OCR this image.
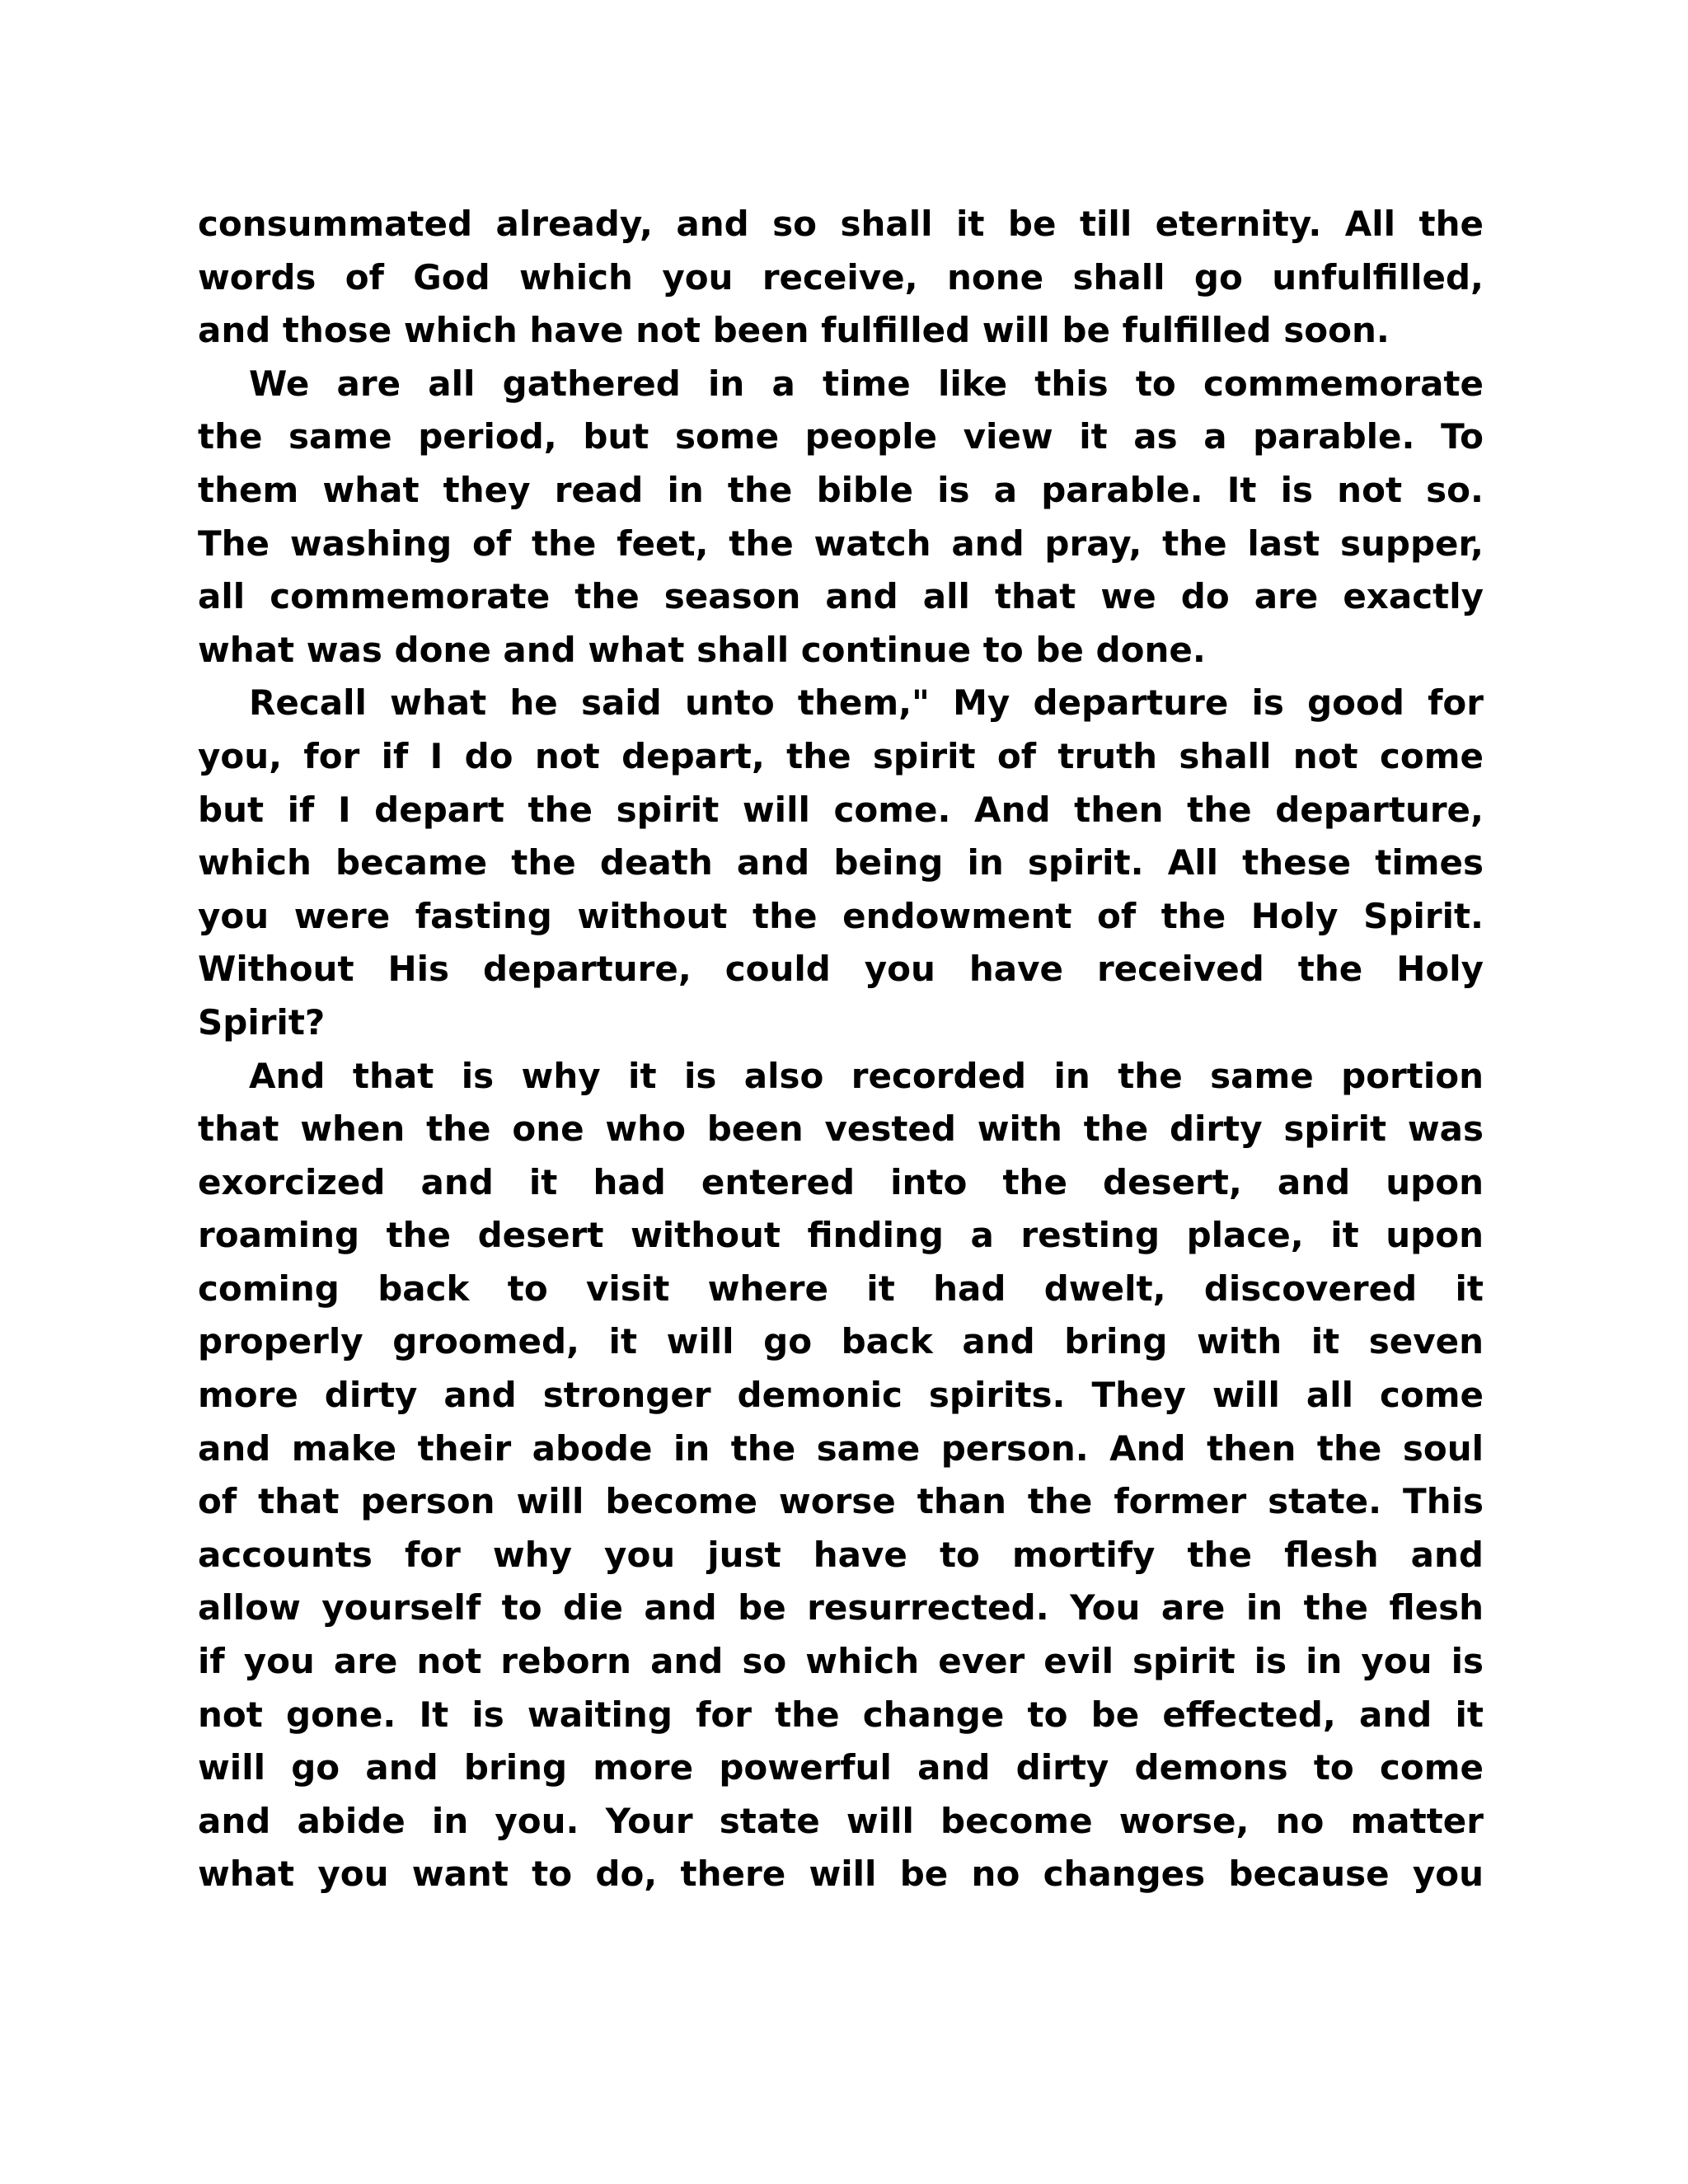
consummated already, and so shall it be till eternity. All the
words of God which you receive, none shall go unfulfilled,
and those which have not been fulfilled will be fulfilled soon.
We are all gathered in a time like this to commemorate
the same period, but some people view it as a parable. To
them what they read in the bible is a parable. It is not so.
The washing of the feet, the watch and pray, the last supper,
all commemorate the season and all that we do are exactly
what was done and what shall continue to be done.
Recall what he said unto them," My departure is good for
you, for if I do not depart, the spirit of truth shall not come
but if I depart the spirit will come. And then the departure,
which became the death and being in spirit. All these times
you were fasting without the endowment of the Holy Spirit.
Without His departure, could you have received the Holy
Spirit?
And that is why it is also recorded in the same portion
that when the one who been vested with the dirty spirit was
exorcized and it had entered into the desert, and upon
roaming the desert without finding a resting place, it upon
coming back to visit where it had dwelt, discovered it
properly groomed, it will go back and bring with it seven
more dirty and stronger demonic spirits. They will all come
and make their abode in the same person. And then the soul
of that person will become worse than the former state. This
accounts for why you just have to mortify the flesh and
allow yourself to die and be resurrected. You are in the flesh
if you are not reborn and so which ever evil spirit is in you is
not gone. It is waiting for the change to be effected, and it
will go and bring more powerful and dirty demons to come
and abide in you. Your state will become worse, no matter
what you want to do, there will be no changes because you
